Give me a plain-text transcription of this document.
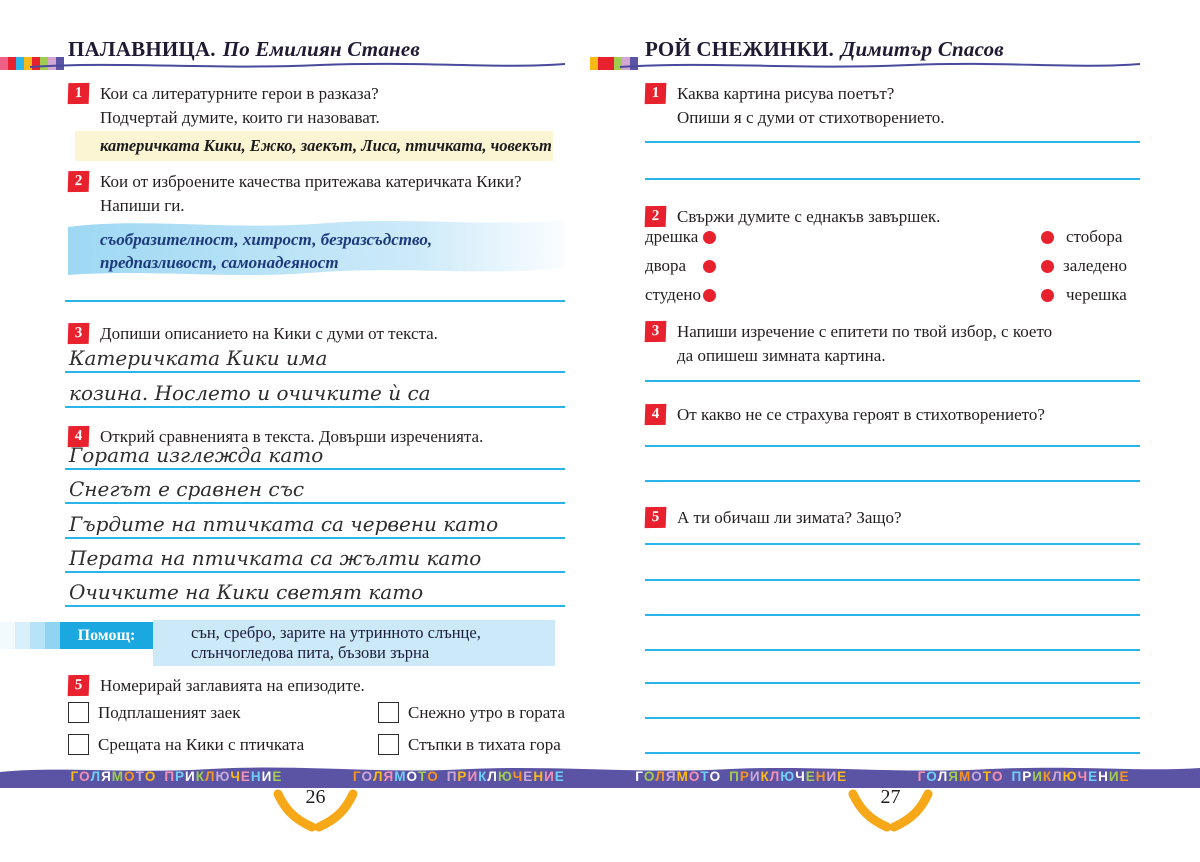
ПАЛАВНИЦА. По Емилиян Станев
1	Кои са литературните герои в разказа?
Подчертай думите, които ги назовават.
катеричката Кики, Ежко, заекът, Лиса, птичката, човекът
2	Кои от изброените качества притежава катеричката Кики?
Напиши ги.
съобразителност, хитрост, безразсъдство,
предпазливост, самонадеяност
3	Допиши описанието на Кики с думи от текста.
Катеричката Кики има
козина. Нослето и очичките ѝ са
4	Открий сравненията в текста. Довърши изреченията.
Гората изглежда като
Снегът е сравнен със
Гърдите на птичката са червени като
Перата на птичката са жълти като
Очичките на Кики светят като
Помощ:	сън, сребро, зарите на утринното слънце,
слънчогледова пита, бъзови зърна
5	Номерирай заглавията на епизодите.
Подплашеният заек	Снежно утро в гората
Срещата на Кики с птичката	Стъпки в тихата гора
РОЙ СНЕЖИНКИ. Димитър Спасов
1	Каква картина рисува поетът?
Опиши я с думи от стихотворението.
2	Свържи думите с еднакъв завършек.
дрешка	стобора
двора	заледено
студено	черешка
3	Напиши изречение с епитети по твой избор, с което
да опишеш зимната картина.
4	От какво не се страхува героят в стихотворението?
5	А ти обичаш ли зимата? Защо?
ГОЛЯМОТО ПРИКЛЮЧЕНИЕ	ГОЛЯМОТО ПРИКЛЮЧЕНИЕ	ГОЛЯМОТО ПРИКЛЮЧЕНИЕ	ГОЛЯМОТО ПРИКЛЮЧЕНИЕ
26	27
